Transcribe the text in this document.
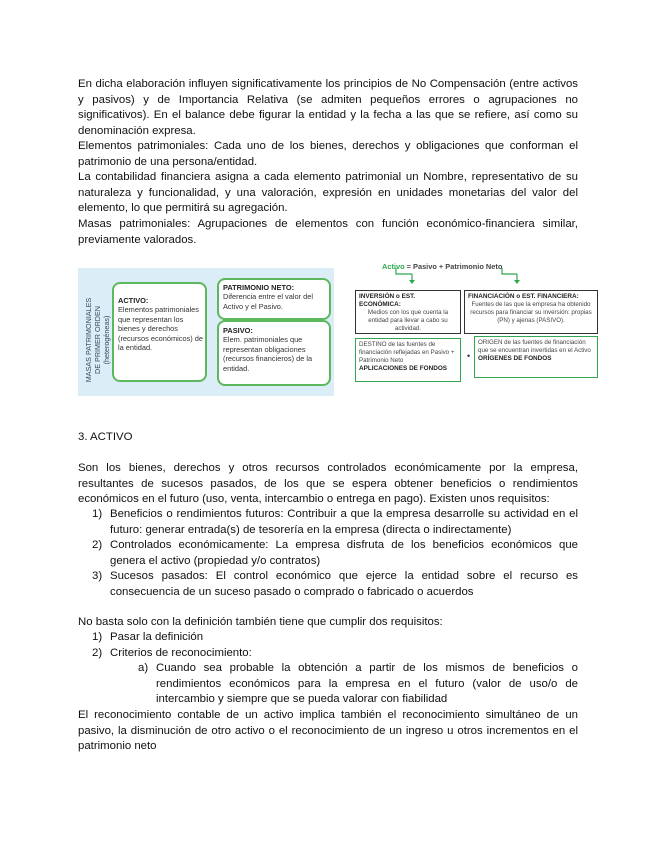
En dicha elaboración influyen significativamente los principios de No Compensación (entre activos y pasivos) y de Importancia Relativa (se admiten pequeños errores o agrupaciones no significativos). En el balance debe figurar la entidad y la fecha a las que se refiere, así como su denominación expresa.

Elementos patrimoniales: Cada uno de los bienes, derechos y obligaciones que conforman el patrimonio de una persona/entidad.

La contabilidad financiera asigna a cada elemento patrimonial un Nombre, representativo de su naturaleza y funcionalidad, y una valoración, expresión en unidades monetarias del valor del elemento, lo que permitirá su agregación.

Masas patrimoniales: Agrupaciones de elementos con función económico-financiera similar, previamente valorados.

MASAS PATRIMONIALES DE PRIMER ORDEN (heterogéneas)
ACTIVO:
Elementos patrimoniales que representan los bienes y derechos (recursos económicos) de la entidad.
PATRIMONIO NETO:
Diferencia entre el valor del Activo y el Pasivo.
PASIVO:
Elem. patrimoniales que representan obligaciones (recursos financieros) de la entidad.
Activo = Pasivo + Patrimonio Neto
•
INVERSIÓN o EST. ECONÓMICA:
Medios con los que cuenta la entidad para llevar a cabo su actividad.
FINANCIACIÓN o EST. FINANCIERA:
Fuentes de las que la empresa ha obtenido recursos para financiar su inversión: propias (PN) y ajenas (PASIVO).
DESTINO de las fuentes de financiación reflejadas en Pasivo + Patrimonio Neto
APLICACIONES DE FONDOS
ORIGEN de las fuentes de financiación que se encuentran invertidas en el Activo
ORÍGENES DE FONDOS
3. ACTIVO

Son los bienes, derechos y otros recursos controlados económicamente por la empresa, resultantes de sucesos pasados, de los que se espera obtener beneficios o rendimientos económicos en el futuro (uso, venta, intercambio o entrega en pago). Existen unos requisitos:

1) Beneficios o rendimientos futuros: Contribuir a que la empresa desarrolle su actividad en el futuro: generar entrada(s) de tesorería en la empresa (directa o indirectamente)
2) Controlados económicamente: La empresa disfruta de los beneficios económicos que genera el activo (propiedad y/o contratos)
3) Sucesos pasados: El control económico que ejerce la entidad sobre el recurso es consecuencia de un suceso pasado o comprado o fabricado o acuerdos

No basta solo con la definición también tiene que cumplir dos requisitos:

1) Pasar la definición
2) Criterios de reconocimiento:
a) Cuando sea probable la obtención a partir de los mismos de beneficios o rendimientos económicos para la empresa en el futuro (valor de uso/o de intercambio y siempre que se pueda valorar con fiabilidad

El reconocimiento contable de un activo implica también el reconocimiento simultáneo de un pasivo, la disminución de otro activo o el reconocimiento de un ingreso u otros incrementos en el patrimonio neto
